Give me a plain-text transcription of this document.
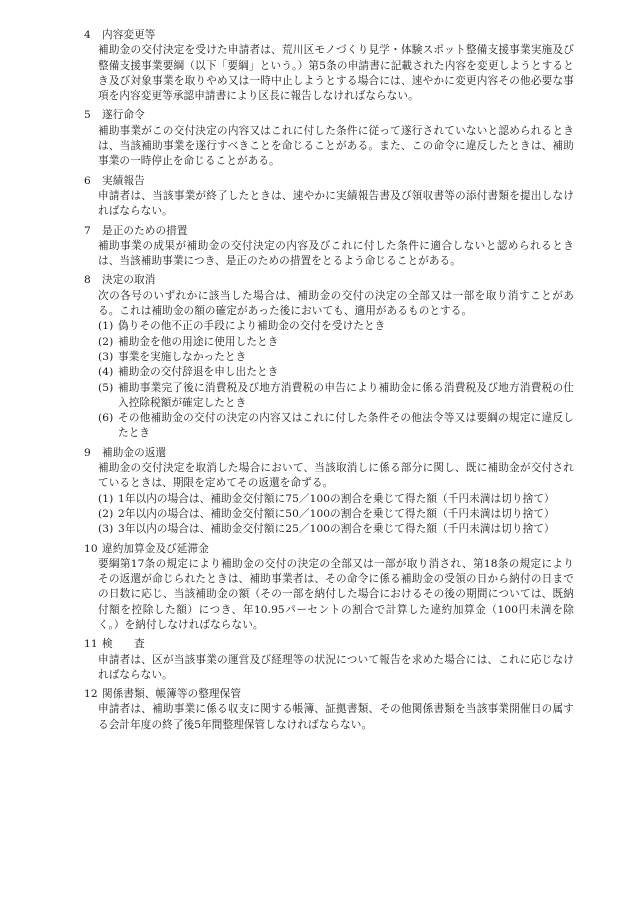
4	内容変更等

補助金の交付決定を受けた申請者は、荒川区モノづくり見学・体験スポット整備支援事業実施及び整備支援事業要綱（以下「要綱」という。）第5条の申請書に記載された内容を変更しようとするとき及び対象事業を取りやめ又は一時中止しようとする場合には、速やかに変更内容その他必要な事項を内容変更等承認申請書により区長に報告しなければならない。

5	遂行命令

補助事業がこの交付決定の内容又はこれに付した条件に従って遂行されていないと認められるときは、当該補助事業を遂行すべきことを命じることがある。また、この命令に違反したときは、補助事業の一時停止を命じることがある。

6	実績報告

申請者は、当該事業が終了したときは、速やかに実績報告書及び領収書等の添付書類を提出しなければならない。

7	是正のための措置

補助事業の成果が補助金の交付決定の内容及びこれに付した条件に適合しないと認められるときは、当該補助事業につき、是正のための措置をとるよう命じることがある。

8	決定の取消

次の各号のいずれかに該当した場合は、補助金の交付の決定の全部又は一部を取り消すことがある。これは補助金の額の確定があった後においても、適用があるものとする。

(1) 偽りその他不正の手段により補助金の交付を受けたとき
(2) 補助金を他の用途に使用したとき
(3) 事業を実施しなかったとき
(4) 補助金の交付辞退を申し出たとき
(5) 補助事業完了後に消費税及び地方消費税の申告により補助金に係る消費税及び地方消費税の仕入控除税額が確定したとき
(6) その他補助金の交付の決定の内容又はこれに付した条件その他法令等又は要綱の規定に違反したとき
9	補助金の返還

補助金の交付決定を取消した場合において、当該取消しに係る部分に関し、既に補助金が交付されているときは、期限を定めてその返還を命ずる。

(1) 1年以内の場合は、補助金交付額に75／100の割合を乗じて得た額（千円未満は切り捨て）
(2) 2年以内の場合は、補助金交付額に50／100の割合を乗じて得た額（千円未満は切り捨て）
(3) 3年以内の場合は、補助金交付額に25／100の割合を乗じて得た額（千円未満は切り捨て）
10 違約加算金及び延滞金

要綱第17条の規定により補助金の交付の決定の全部又は一部が取り消され、第18条の規定によりその返還が命じられたときは、補助事業者は、その命令に係る補助金の受領の日から納付の日までの日数に応じ、当該補助金の額（その一部を納付した場合におけるその後の期間については、既納付額を控除した額）につき、年10.95パーセントの割合で計算した違約加算金（100円未満を除く。）を納付しなければならない。

11 検　　査

申請者は、区が当該事業の運営及び経理等の状況について報告を求めた場合には、これに応じなければならない。

12 関係書類、帳簿等の整理保管

申請者は、補助事業に係る収支に関する帳簿、証拠書類、その他関係書類を当該事業開催日の属する会計年度の終了後5年間整理保管しなければならない。
